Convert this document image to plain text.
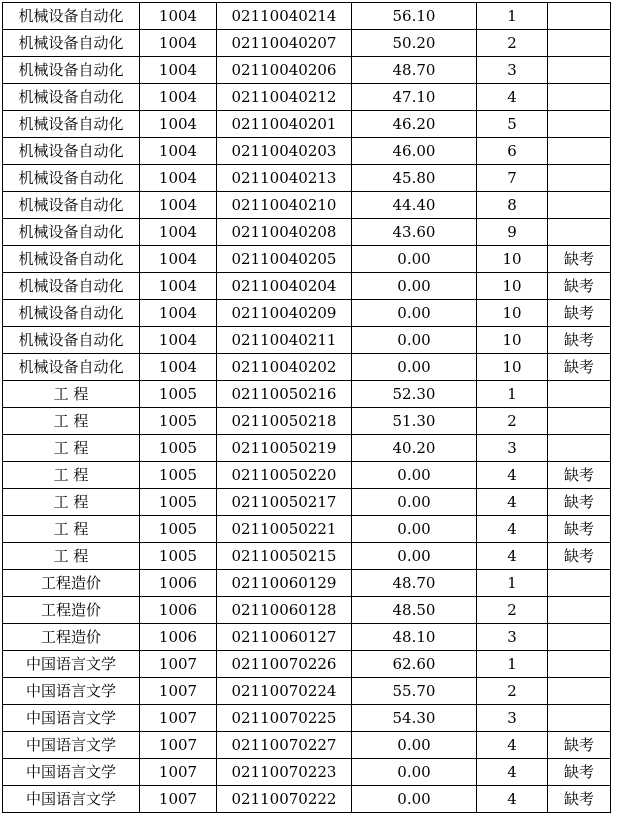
机械设备自动化	1004	02110040214	56.10	1	
机械设备自动化	1004	02110040207	50.20	2	
机械设备自动化	1004	02110040206	48.70	3	
机械设备自动化	1004	02110040212	47.10	4	
机械设备自动化	1004	02110040201	46.20	5	
机械设备自动化	1004	02110040203	46.00	6	
机械设备自动化	1004	02110040213	45.80	7	
机械设备自动化	1004	02110040210	44.40	8	
机械设备自动化	1004	02110040208	43.60	9	
机械设备自动化	1004	02110040205	0.00	10	缺考
机械设备自动化	1004	02110040204	0.00	10	缺考
机械设备自动化	1004	02110040209	0.00	10	缺考
机械设备自动化	1004	02110040211	0.00	10	缺考
机械设备自动化	1004	02110040202	0.00	10	缺考
工 程	1005	02110050216	52.30	1	
工 程	1005	02110050218	51.30	2	
工 程	1005	02110050219	40.20	3	
工 程	1005	02110050220	0.00	4	缺考
工 程	1005	02110050217	0.00	4	缺考
工 程	1005	02110050221	0.00	4	缺考
工 程	1005	02110050215	0.00	4	缺考
工程造价	1006	02110060129	48.70	1	
工程造价	1006	02110060128	48.50	2	
工程造价	1006	02110060127	48.10	3	
中国语言文学	1007	02110070226	62.60	1	
中国语言文学	1007	02110070224	55.70	2	
中国语言文学	1007	02110070225	54.30	3	
中国语言文学	1007	02110070227	0.00	4	缺考
中国语言文学	1007	02110070223	0.00	4	缺考
中国语言文学	1007	02110070222	0.00	4	缺考
